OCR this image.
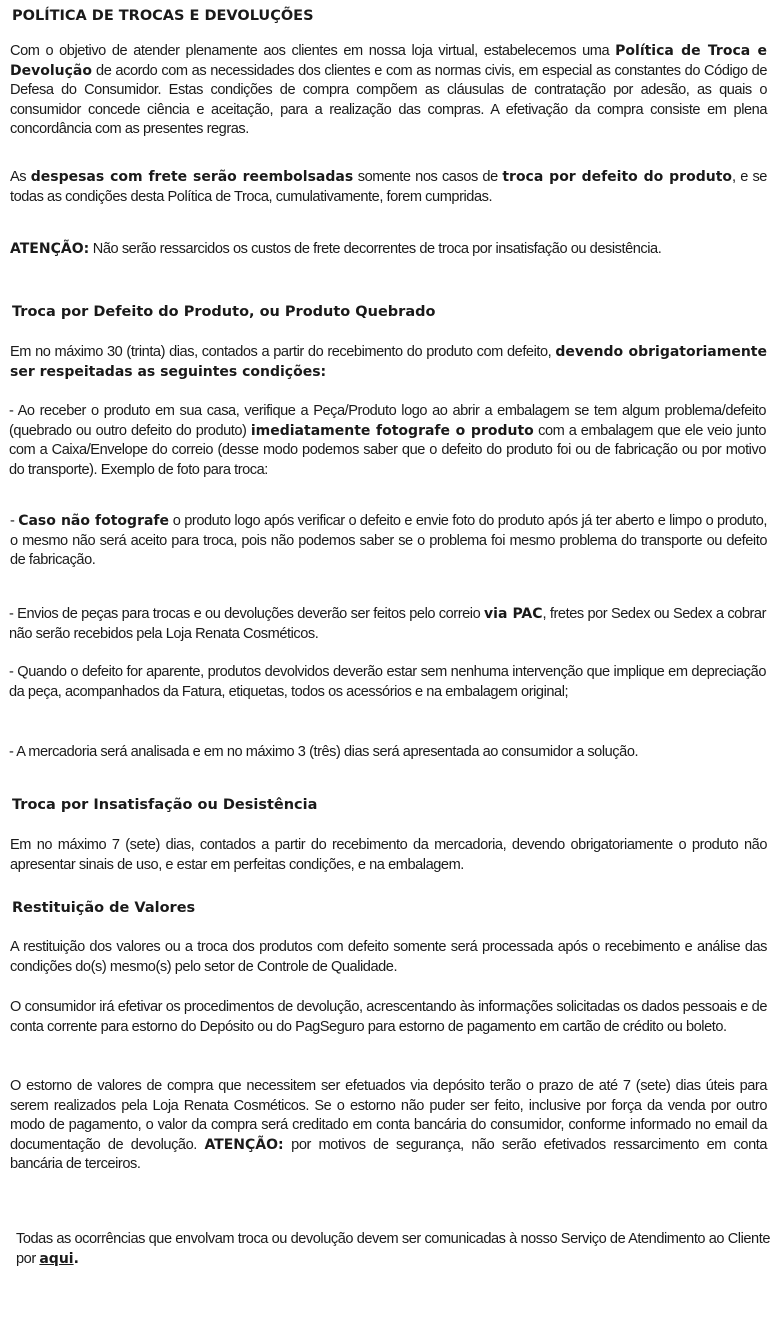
POLÍTICA DE TROCAS E DEVOLUÇÕES
Troca por Defeito do Produto, ou Produto Quebrado
Troca por Insatisfação ou Desistência
Restituição de Valores
Com o objetivo de atender plenamente aos clientes em nossa loja virtual, estabelecemos uma Política de Troca e Devolução de acordo com as necessidades dos clientes e com as normas civis, em especial as constantes do Código de Defesa do Consumidor. Estas condições de compra compõem as cláusulas de contratação por adesão, as quais o consumidor concede ciência e aceitação, para a realização das compras. A efetivação da compra consiste em plena concordância com as presentes regras.
As despesas com frete serão reembolsadas somente nos casos de troca por defeito do produto, e se todas as condições desta Política de Troca, cumulativamente, forem cumpridas.
ATENÇÃO: Não serão ressarcidos os custos de frete decorrentes de troca por insatisfação ou desistência.
Em no máximo 30 (trinta) dias, contados a partir do recebimento do produto com defeito, devendo obrigatoriamente ser respeitadas as seguintes condições:
- Ao receber o produto em sua casa, verifique a Peça/Produto logo ao abrir a embalagem se tem algum problema/defeito (quebrado ou outro defeito do produto) imediatamente fotografe o produto com a embalagem que ele veio junto com a Caixa/Envelope do correio (desse modo podemos saber que o defeito do produto foi ou de fabricação ou por motivo do transporte). Exemplo de foto para troca:
- Caso não fotografe o produto logo após verificar o defeito e envie foto do produto após já ter aberto e limpo o produto, o mesmo não será aceito para troca, pois não podemos saber se o problema foi mesmo problema do transporte ou defeito de fabricação.
- Envios de peças para trocas e ou devoluções deverão ser feitos pelo correio via PAC, fretes por Sedex ou Sedex a cobrar não serão recebidos pela Loja Renata Cosméticos.
- Quando o defeito for aparente, produtos devolvidos deverão estar sem nenhuma intervenção que implique em depreciação da peça, acompanhados da Fatura, etiquetas, todos os acessórios e na embalagem original;
- A mercadoria será analisada e em no máximo 3 (três) dias será apresentada ao consumidor a solução.
Em no máximo 7 (sete) dias, contados a partir do recebimento da mercadoria, devendo obrigatoriamente o produto não apresentar sinais de uso, e estar em perfeitas condições, e na embalagem.
A restituição dos valores ou a troca dos produtos com defeito somente será processada após o recebimento e análise das condições do(s) mesmo(s) pelo setor de Controle de Qualidade.
O consumidor irá efetivar os procedimentos de devolução, acrescentando às informações solicitadas os dados pessoais e de conta corrente para estorno do Depósito ou do PagSeguro para estorno de pagamento em cartão de crédito ou boleto.
O estorno de valores de compra que necessitem ser efetuados via depósito terão o prazo de até 7 (sete) dias úteis para serem realizados pela Loja Renata Cosméticos. Se o estorno não puder ser feito, inclusive por força da venda por outro modo de pagamento, o valor da compra será creditado em conta bancária do consumidor, conforme informado no email da documentação de devolução. ATENÇÃO: por motivos de segurança, não serão efetivados ressarcimento em conta bancária de terceiros.
Todas as ocorrências que envolvam troca ou devolução devem ser comunicadas à nosso Serviço de Atendimento ao Cliente por aqui.
